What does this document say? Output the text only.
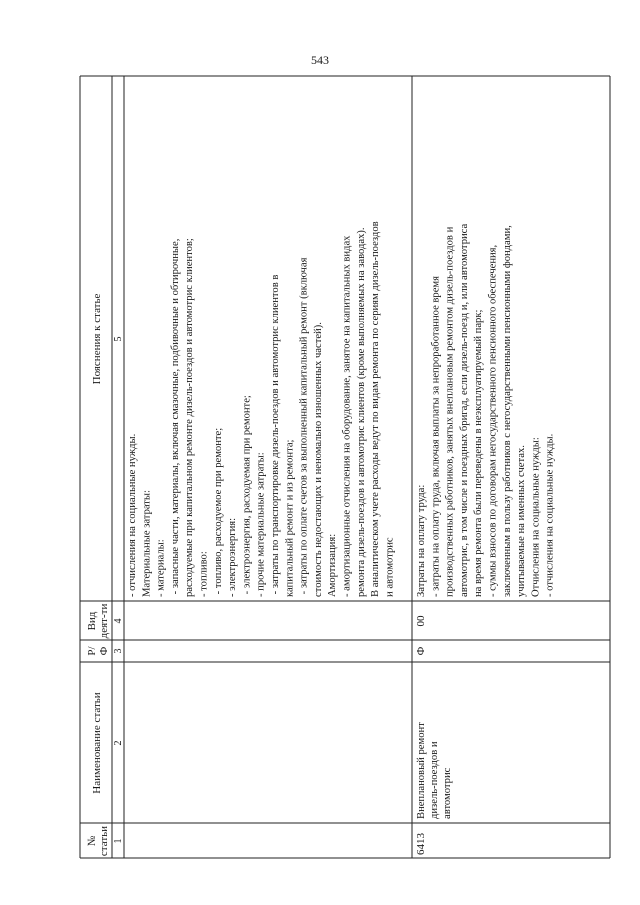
543
№статьи
Наименование статьи
Р/Ф
Виддеят-ти
Пояснения к статье
1
2
3
4
5
- отчисления на социальные нужды. Материальные затраты: - материалы: - запасные части, материалы, включая смазочные, подбивочные и обтирочные, расходуемые при капитальном ремонте дизель-поездов и автомотрис клиентов; - топливо: - топливо, расходуемое при ремонте; - электроэнергия: - электроэнергия, расходуемая при ремонте; - прочие материальные затраты: - затраты по транспортировке дизель-поездов и автомотрис клиентов в капитальный ремонт и из ремонта; - затраты по оплате счетов за выполненный капитальный ремонт (включая стоимость недостающих и неномально изношенных частей). Амортизация: - амортизационные отчисления на оборудование, занятое на капитальных видах ремонта дизель-поездов и автомотрис клиентов (кроме выполняемых на заводах). В аналитическом учете расходы ведут по видам ремонта по сериям дизель-поездов и автомотрис
6413
Внеплановый ремонт дизель-поездов и автомотрис
Ф
00
Затраты на оплату труда: - затраты на оплату труда, включая выплаты за непроработанное время производственных работников, занятых внеплановым ремонтом дизель-поездов и автомотрис, в том числе и поездных бригад, если дизель-поезд и, или автомотриса на время ремонта были переведены в неэксплуатируемый парк; - суммы взносов по договорам негосударственного пенсионного обеспечения, заключенным в пользу работников с негосударственными пенсионными фондами, учитываемые на именных счетах. Отчисления на социальные нужды: - отчисления на социальные нужды.
